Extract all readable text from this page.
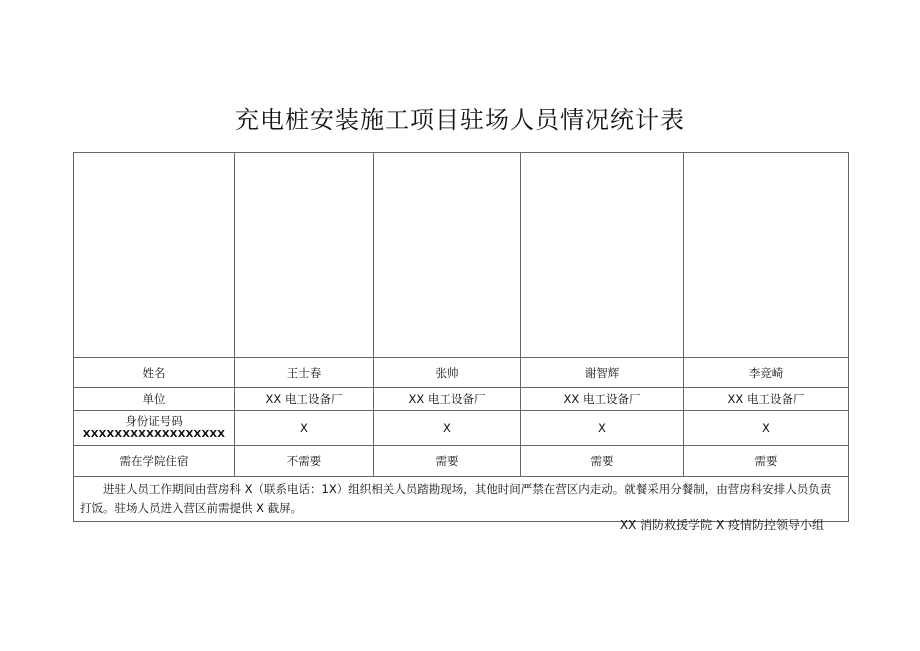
充电桩安装施工项目驻场人员情况统计表

姓名	王士春	张帅	谢智辉	李竞崎
单位	XX 电工设备厂	XX 电工设备厂	XX 电工设备厂	XX 电工设备厂

身份证号码
XXXXXXXXXXXXXXXXXX	X	X	X	X
需在学院住宿	不需要	需要	需要	需要

进驻人员工作期间由营房科 X（联系电话：1X）组织相关人员踏勘现场，其他时间严禁在营区内走动。就餐采用分餐制，由营房科安排人员负责打饭。驻场人员进入营区前需提供 X 截屏。				
XX 消防救援学院 X 疫情防控领导小组
